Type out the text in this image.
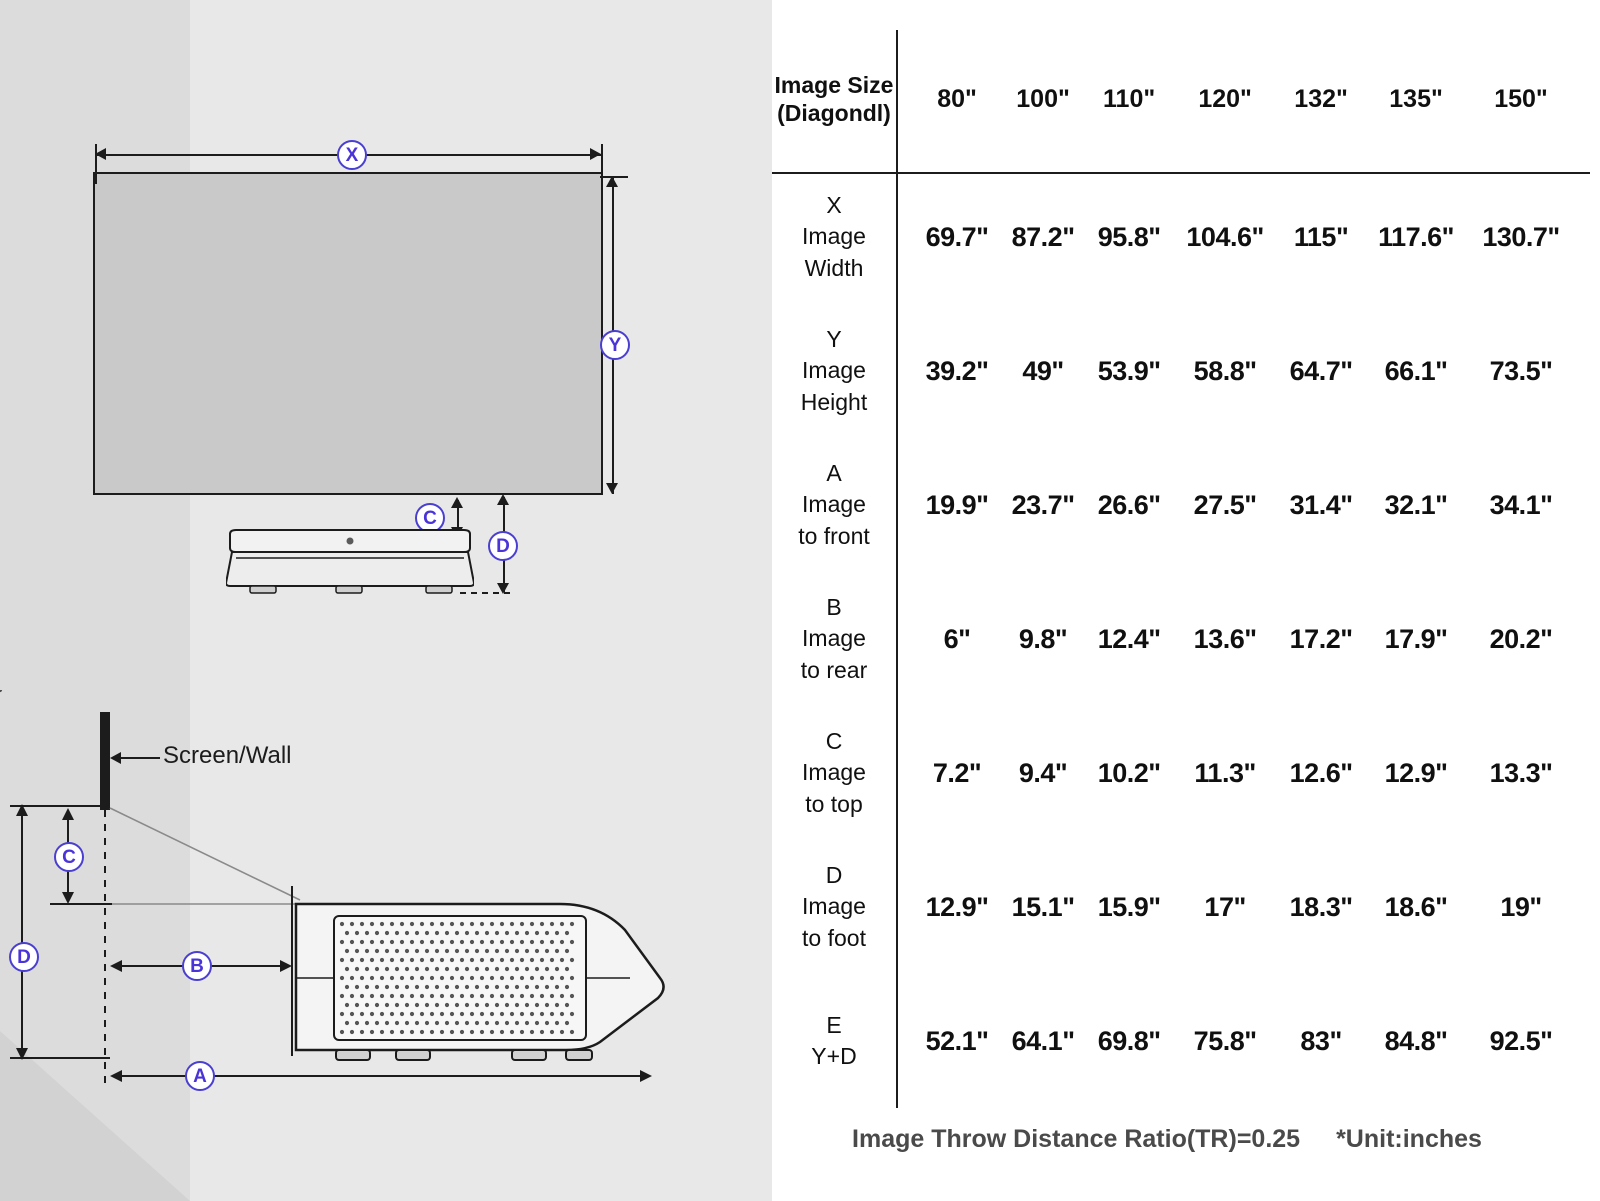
X
Y
C
D
C
D	B
A
Screen/Wall
Image Size
(Diagondl)	80"	100"	110"	120"	132"	135"	150"

X
Image
Width	69.7"	87.2"	95.8"	104.6"	115"	117.6"	130.7"

Y
Image
Height	39.2"	49"	53.9"	58.8"	64.7"	66.1"	73.5"

A
Image
to front	19.9"	23.7"	26.6"	27.5"	31.4"	32.1"	34.1"

B
Image
to rear	6"	9.8"	12.4"	13.6"	17.2"	17.9"	20.2"

C
Image
to top	7.2"	9.4"	10.2"	11.3"	12.6"	12.9"	13.3"

D
Image
to foot	12.9"	15.1"	15.9"	17"	18.3"	18.6"	19"

E
Y+D	52.1"	64.1"	69.8"	75.8"	83"	84.8"	92.5"
Image Throw Distance Ratio(TR)=0.25 *Unit:inches
